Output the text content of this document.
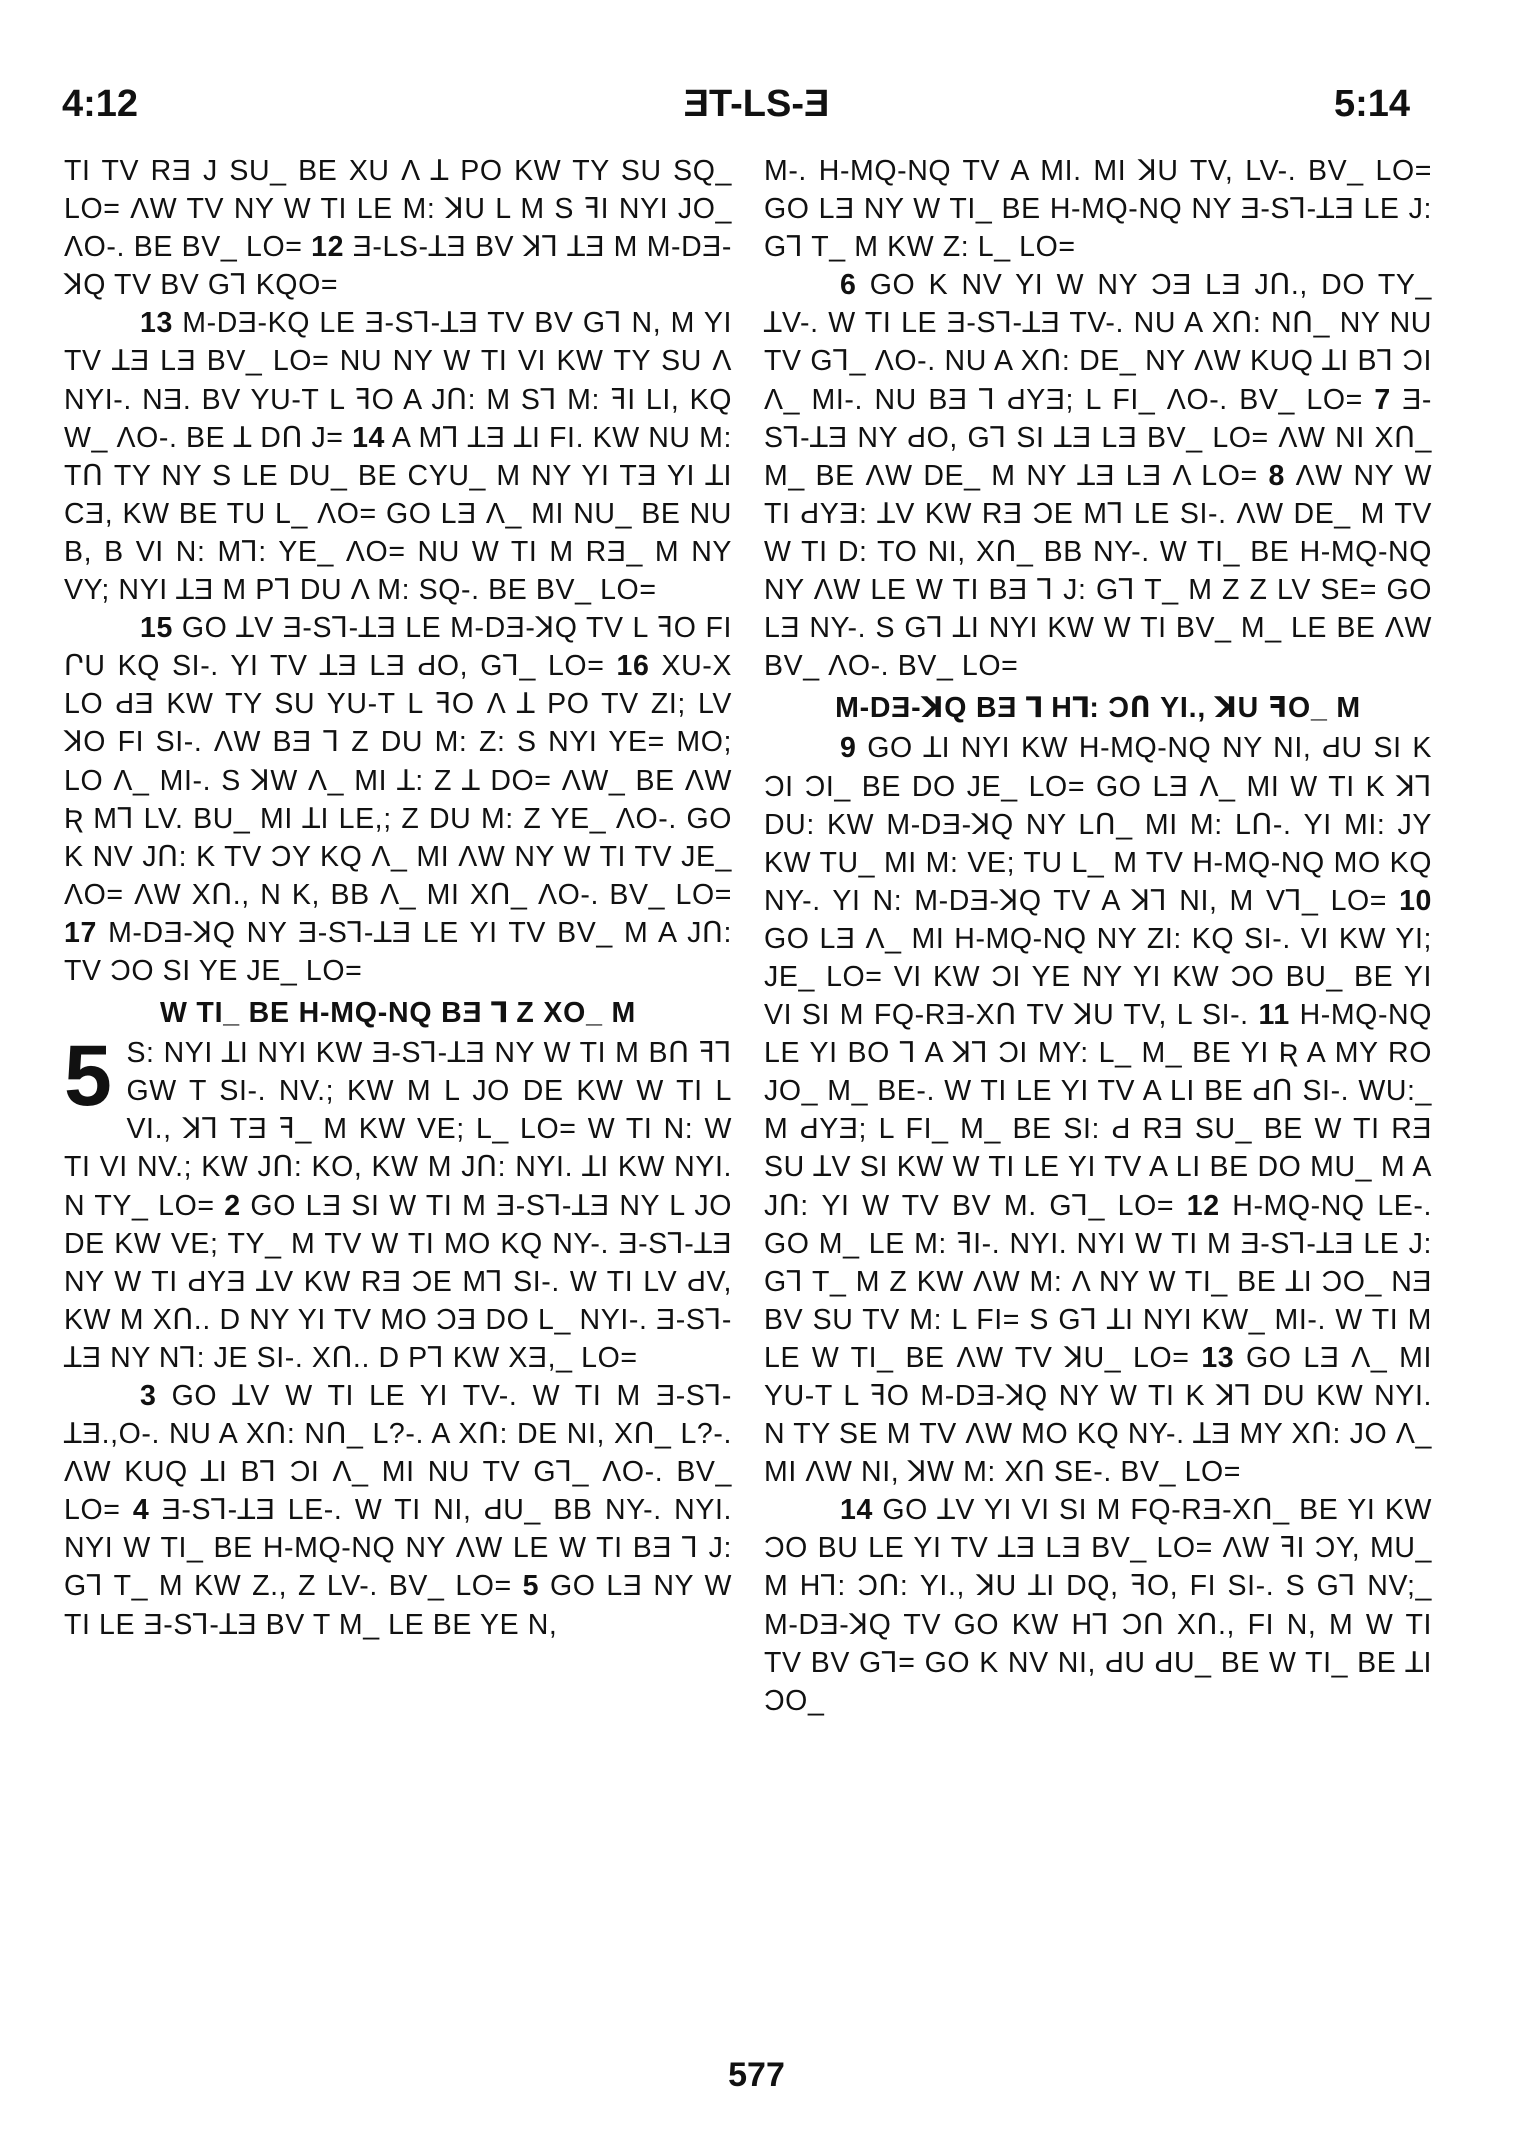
4:12	ƎT-LS-Ǝ	5:14

TI TV RƎ J SU_ BE XU Λ ꓕ PO KW TY SU SQ_ LO= ΛW TV NY W TI LE M: ꓘU L M S ꟻI NYI JO_ ΛO-. BE BV_ LO= 12 Ǝ-LS-ꓕƎ BV ꓘ⅂ ꓕƎ M M-DƎ-ꓘQ TV BV G⅂ KQO=

13 M-DƎ-KQ LE Ǝ-S⅂-ꓕƎ TV BV G⅂ N, M YI TV ꓕƎ LƎ BV_ LO= NU NY W TI VI KW TY SU Λ NYI-. NƎ. BV YU-T L ꟻO A JՈ: M S⅂ M: ꟻI LI, KQ W_ ΛO-. BE ꓕ DՈ J= 14 A M⅂ ꓕƎ ꓕI FI. KW NU M: TՈ TY NY S LE DU_ BE CYU_ M NY YI TƎ YI ꓕI CƎ, KW BE TU L_ ΛO= GO LƎ Λ_ MI NU_ BE NU B, B VI N: M⅂: YE_ ΛO= NU W TI M RƎ_ M NY VY; NYI ꓕƎ M P⅂ DU Λ M: SQ-. BE BV_ LO=

15 GO ꓕV Ǝ-S⅂-ꓕƎ LE M-DƎ-ꓘQ TV L ꟻO FI ՐU KQ SI-. YI TV ꓕƎ LƎ ԀO, G⅂_ LO= 16 XU-X LO ԀƎ KW TY SU YU-T L ꟻO Λ ꓕ PO TV ZI; LV ꓘO FI SI-. ΛW BƎ ⅂ Z DU M: Z: S NYI YE= MO; LO Λ_ MI-. S ꓘW Λ_ MI ꓕ: Z ꓕ DO= ΛW_ BE ΛW Ʀ M⅂ LV. BU_ MI ꓕI LE,; Z DU M: Z YE_ ΛO-. GO K NV JՈ: K TV ƆY KQ Λ_ MI ΛW NY W TI TV JE_ ΛO= ΛW XՈ., N K, BB Λ_ MI XՈ_ ΛO-. BV_ LO= 17 M-DƎ-ꓘQ NY Ǝ-S⅂-ꓕƎ LE YI TV BV_ M A JՈ: TV ƆO SI YE JE_ LO=

W TI_ BE H-MQ-NQ BƎ ⅂ Z XO_ M

5 S: NYI ꓕI NYI KW Ǝ-S⅂-ꓕƎ NY W TI M BՈ ꟻ⅂ GW T SI-. NV.; KW M L JO DE KW W TI L VI., ꓘ⅂ TƎ ꟻ_ M KW VE; L_ LO= W TI N: W TI VI NV.; KW JՈ: KO, KW M JՈ: NYI. ꓕI KW NYI. N TY_ LO= 2 GO LƎ SI W TI M Ǝ-S⅂-ꓕƎ NY L JO DE KW VE; TY_ M TV W TI MO KQ NY-. Ǝ-S⅂-ꓕƎ NY W TI ԀYƎ ꓕV KW RƎ ƆE M⅂ SI-. W TI LV ԀV, KW M XՈ.. D NY YI TV MO ƆƎ DO L_ NYI-. Ǝ-S⅂-ꓕƎ NY N⅂: JE SI-. XՈ.. D P⅂ KW XƎ,_ LO=

3 GO ꓕV W TI LE YI TV-. W TI M Ǝ-S⅂-ꓕƎ.,O-. NU A XՈ: NՈ_ L?-. A XՈ: DE NI, XՈ_ L?-. ΛW KUQ ꓕI B⅂ ƆI Λ_ MI NU TV G⅂_ ΛO-. BV_ LO= 4 Ǝ-S⅂-ꓕƎ LE-. W TI NI, ԀU_ BB NY-. NYI. NYI W TI_ BE H-MQ-NQ NY ΛW LE W TI BƎ ⅂ J: G⅂ T_ M KW Z., Z LV-. BV_ LO= 5 GO LƎ NY W TI LE Ǝ-S⅂-ꓕƎ BV T M_ LE BE YE N,

M-. H-MQ-NQ TV A MI. MI ꓘU TV, LV-. BV_ LO= GO LƎ NY W TI_ BE H-MQ-NQ NY Ǝ-S⅂-ꓕƎ LE J: G⅂ T_ M KW Z: L_ LO=

6 GO K NV YI W NY ƆƎ LƎ JՈ., DO TY_ ꓕV-. W TI LE Ǝ-S⅂-ꓕƎ TV-. NU A XՈ: NՈ_ NY NU TV G⅂_ ΛO-. NU A XՈ: DE_ NY ΛW KUQ ꓕI B⅂ ƆI Λ_ MI-. NU BƎ ⅂ ԀYƎ; L FI_ ΛO-. BV_ LO= 7 Ǝ-S⅂-ꓕƎ NY ԀO, G⅂ SI ꓕƎ LƎ BV_ LO= ΛW NI XՈ_ M_ BE ΛW DE_ M NY ꓕƎ LƎ Λ LO= 8 ΛW NY W TI ԀYƎ: ꓕV KW RƎ ƆE M⅂ LE SI-. ΛW DE_ M TV W TI D: TO NI, XՈ_ BB NY-. W TI_ BE H-MQ-NQ NY ΛW LE W TI BƎ ⅂ J: G⅂ T_ M Z Z LV SE= GO LƎ NY-. S G⅂ ꓕI NYI KW W TI BV_ M_ LE BE ΛW BV_ ΛO-. BV_ LO=

M-DƎ-ꓘQ BƎ ⅂ H⅂: ƆՈ YI., ꓘU ꟻO_ M

9 GO ꓕI NYI KW H-MQ-NQ NY NI, ԀU SI K ƆI ƆI_ BE DO JE_ LO= GO LƎ Λ_ MI W TI K ꓘ⅂ DU: KW M-DƎ-ꓘQ NY LՈ_ MI M: LՈ-. YI MI: JY KW TU_ MI M: VE; TU L_ M TV H-MQ-NQ MO KQ NY-. YI N: M-DƎ-ꓘQ TV A ꓘ⅂ NI, M V⅂_ LO= 10 GO LƎ Λ_ MI H-MQ-NQ NY ZI: KQ SI-. VI KW YI; JE_ LO= VI KW ƆI YE NY YI KW ƆO BU_ BE YI VI SI M FQ-RƎ-XՈ TV ꓘU TV, L SI-. 11 H-MQ-NQ LE YI BO ⅂ A ꓘ⅂ ƆI MY: L_ M_ BE YI Ʀ A MY RO JO_ M_ BE-. W TI LE YI TV A LI BE ԀՈ SI-. WU:_ M ԀYƎ; L FI_ M_ BE SI: Ԁ RƎ SU_ BE W TI RƎ SU ꓕV SI KW W TI LE YI TV A LI BE DO MU_ M A JՈ: YI W TV BV M. G⅂_ LO= 12 H-MQ-NQ LE-. GO M_ LE M: ꟻI-. NYI. NYI W TI M Ǝ-S⅂-ꓕƎ LE J: G⅂ T_ M Z KW ΛW M: Λ NY W TI_ BE ꓕI ƆO_ NƎ BV SU TV M: L FI= S G⅂ ꓕI NYI KW_ MI-. W TI M LE W TI_ BE ΛW TV ꓘU_ LO= 13 GO LƎ Λ_ MI YU-T L ꟻO M-DƎ-ꓘQ NY W TI K ꓘ⅂ DU KW NYI. N TY SE M TV ΛW MO KQ NY-. ꓕƎ MY XՈ: JO Λ_ MI ΛW NI, ꓘW M: XՈ SE-. BV_ LO=

14 GO ꓕV YI VI SI M FQ-RƎ-XՈ_ BE YI KW ƆO BU LE YI TV ꓕƎ LƎ BV_ LO= ΛW ꟻI ƆY, MU_ M H⅂: ƆՈ: YI., ꓘU ꓕI DQ, ꟻO, FI SI-. S G⅂ NV;_ M-DƎ-ꓘQ TV GO KW H⅂ ƆՈ XՈ., FI N, M W TI TV BV G⅂= GO K NV NI, ԀU ԀU_ BE W TI_ BE ꓕI ƆO_

577
